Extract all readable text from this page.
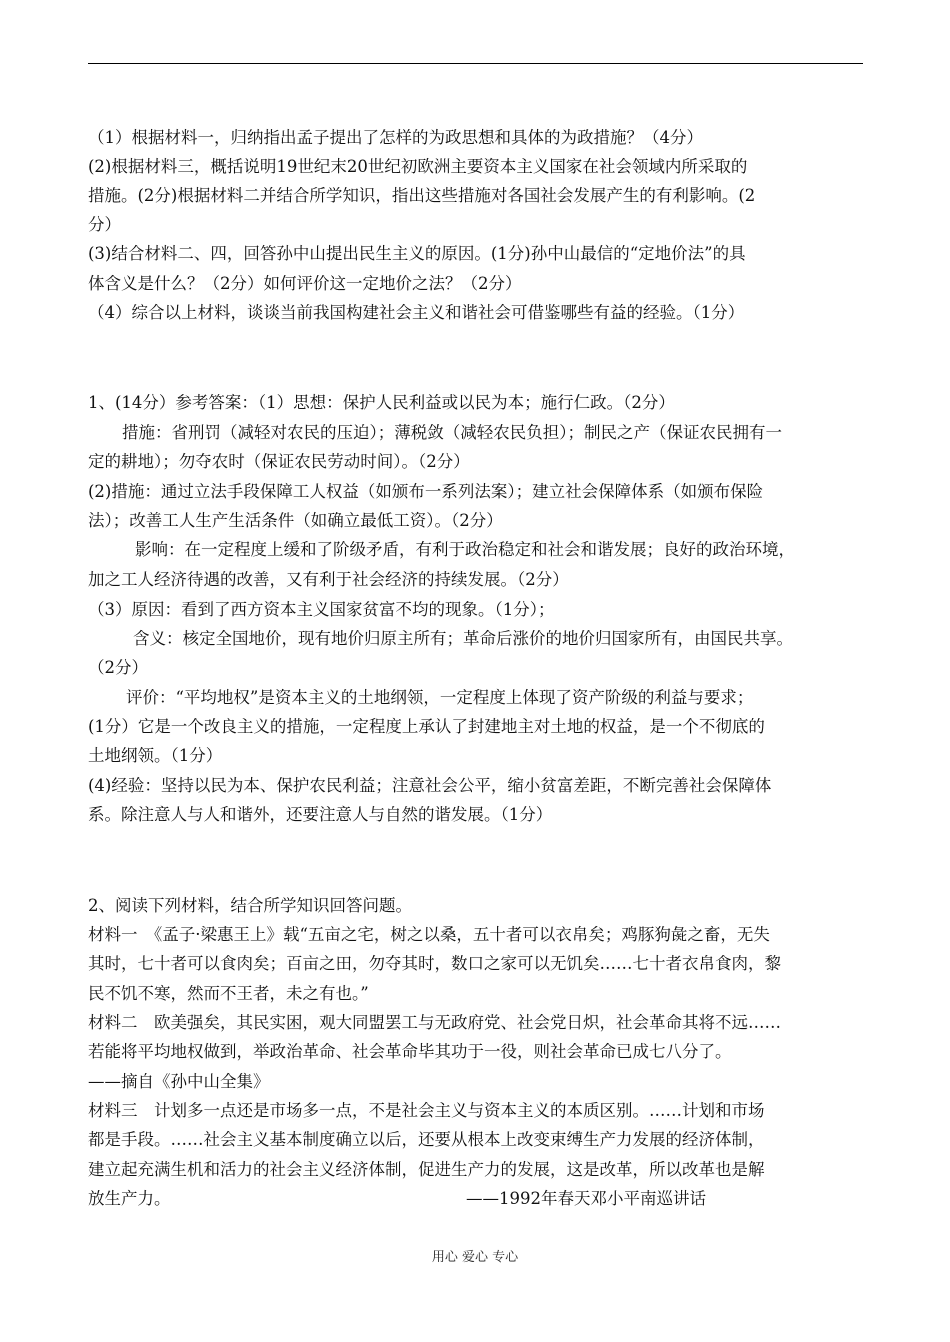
（1）根据材料一，归纳指出孟子提出了怎样的为政思想和具体的为政措施？（4分）
(2)根据材料三，概括说明19世纪末20世纪初欧洲主要资本主义国家在社会领域内所采取的
措施。(2分)根据材料二并结合所学知识，指出这些措施对各国社会发展产生的有利影响。(2
分）
(3)结合材料二、四，回答孙中山提出民生主义的原因。(1分)孙中山最信的“定地价法”的具
体含义是什么？（2分）如何评价这一定地价之法？（2分）
（4）综合以上材料，谈谈当前我国构建社会主义和谐社会可借鉴哪些有益的经验。（1分）
1、(14分）参考答案：（1）思想：保护人民利益或以民为本；施行仁政。（2分）
措施：省刑罚（减轻对农民的压迫）；薄税敛（减轻农民负担）；制民之产（保证农民拥有一
定的耕地）；勿夺农时（保证农民劳动时间）。（2分）
(2)措施：通过立法手段保障工人权益（如颁布一系列法案）；建立社会保障体系（如颁布保险
法）；改善工人生产生活条件（如确立最低工资）。（2分）
影响：在一定程度上缓和了阶级矛盾，有利于政治稳定和社会和谐发展；良好的政治环境，
加之工人经济待遇的改善，又有利于社会经济的持续发展。（2分）
（3）原因：看到了西方资本主义国家贫富不均的现象。（1分）；
含义：核定全国地价，现有地价归原主所有；革命后涨价的地价归国家所有，由国民共享。
（2分）
评价：“平均地权”是资本主义的土地纲领，一定程度上体现了资产阶级的利益与要求；
(1分）它是一个改良主义的措施，一定程度上承认了封建地主对土地的权益，是一个不彻底的
土地纲领。（1分）
(4)经验：坚持以民为本、保护农民利益；注意社会公平，缩小贫富差距，不断完善社会保障体
系。除注意人与人和谐外，还要注意人与自然的谐发展。（1分）
2、阅读下列材料，结合所学知识回答问题。
材料一　《孟子·梁惠王上》载“五亩之宅，树之以桑，五十者可以衣帛矣；鸡豚狗彘之畜，无失
其时，七十者可以食肉矣；百亩之田，勿夺其时，数口之家可以无饥矣……七十者衣帛食肉，黎
民不饥不寒，然而不王者，未之有也。”
材料二　欧美强矣，其民实困，观大同盟罢工与无政府党、社会党日炽，社会革命其将不远……
若能将平均地权做到，举政治革命、社会革命毕其功于一役，则社会革命已成七八分了。
——摘自《孙中山全集》
材料三　计划多一点还是市场多一点，不是社会主义与资本主义的本质区别。……计划和市场
都是手段。……社会主义基本制度确立以后，还要从根本上改变束缚生产力发展的经济体制，
建立起充满生机和活力的社会主义经济体制，促进生产力的发展，这是改革，所以改革也是解
放生产力。	——1992年春天邓小平南巡讲话
用心 爱心 专心
